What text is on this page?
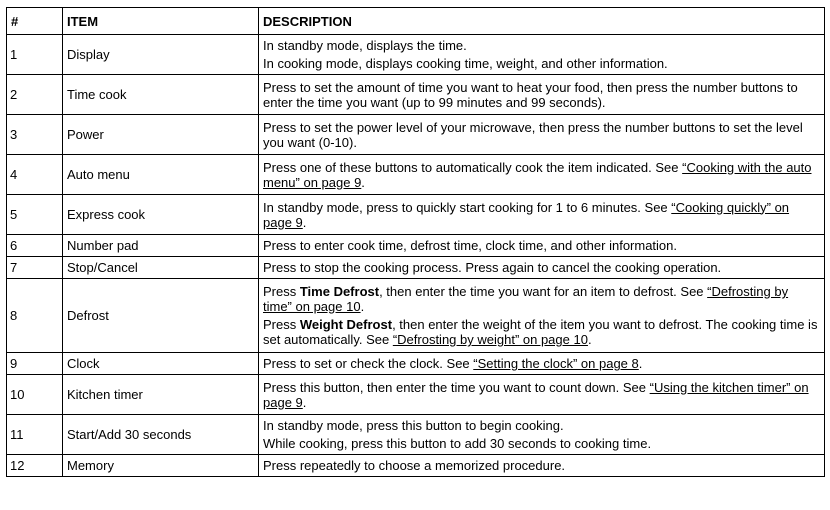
#	ITEM	DESCRIPTION
1	Display	In standby mode, displays the time.
In cooking mode, displays cooking time, weight, and other information.

2	Time cook	Press to set the amount of time you want to heat your food, then press the number buttons to enter the time you want (up to 99 minutes and 99 seconds).
3	Power	Press to set the power level of your microwave, then press the number buttons to set the level you want (0-10).
4	Auto menu	Press one of these buttons to automatically cook the item indicated. See “Cooking with the auto menu” on page 9.
5	Express cook	In standby mode, press to quickly start cooking for 1 to 6 minutes. See “Cooking quickly” on page 9.
6	Number pad	Press to enter cook time, defrost time, clock time, and other information.
7	Stop/Cancel	Press to stop the cooking process. Press again to cancel the cooking operation.
8	Defrost	Press Time Defrost, then enter the time you want for an item to defrost. See “Defrosting by time” on page 10.
Press Weight Defrost, then enter the weight of the item you want to defrost. The cooking time is set automatically. See “Defrosting by weight” on page 10.

9	Clock	Press to set or check the clock. See “Setting the clock” on page 8.
10	Kitchen timer	Press this button, then enter the time you want to count down. See “Using the kitchen timer” on page 9.
11	Start/Add 30 seconds	In standby mode, press this button to begin cooking.
While cooking, press this button to add 30 seconds to cooking time.

12	Memory	Press repeatedly to choose a memorized procedure.
